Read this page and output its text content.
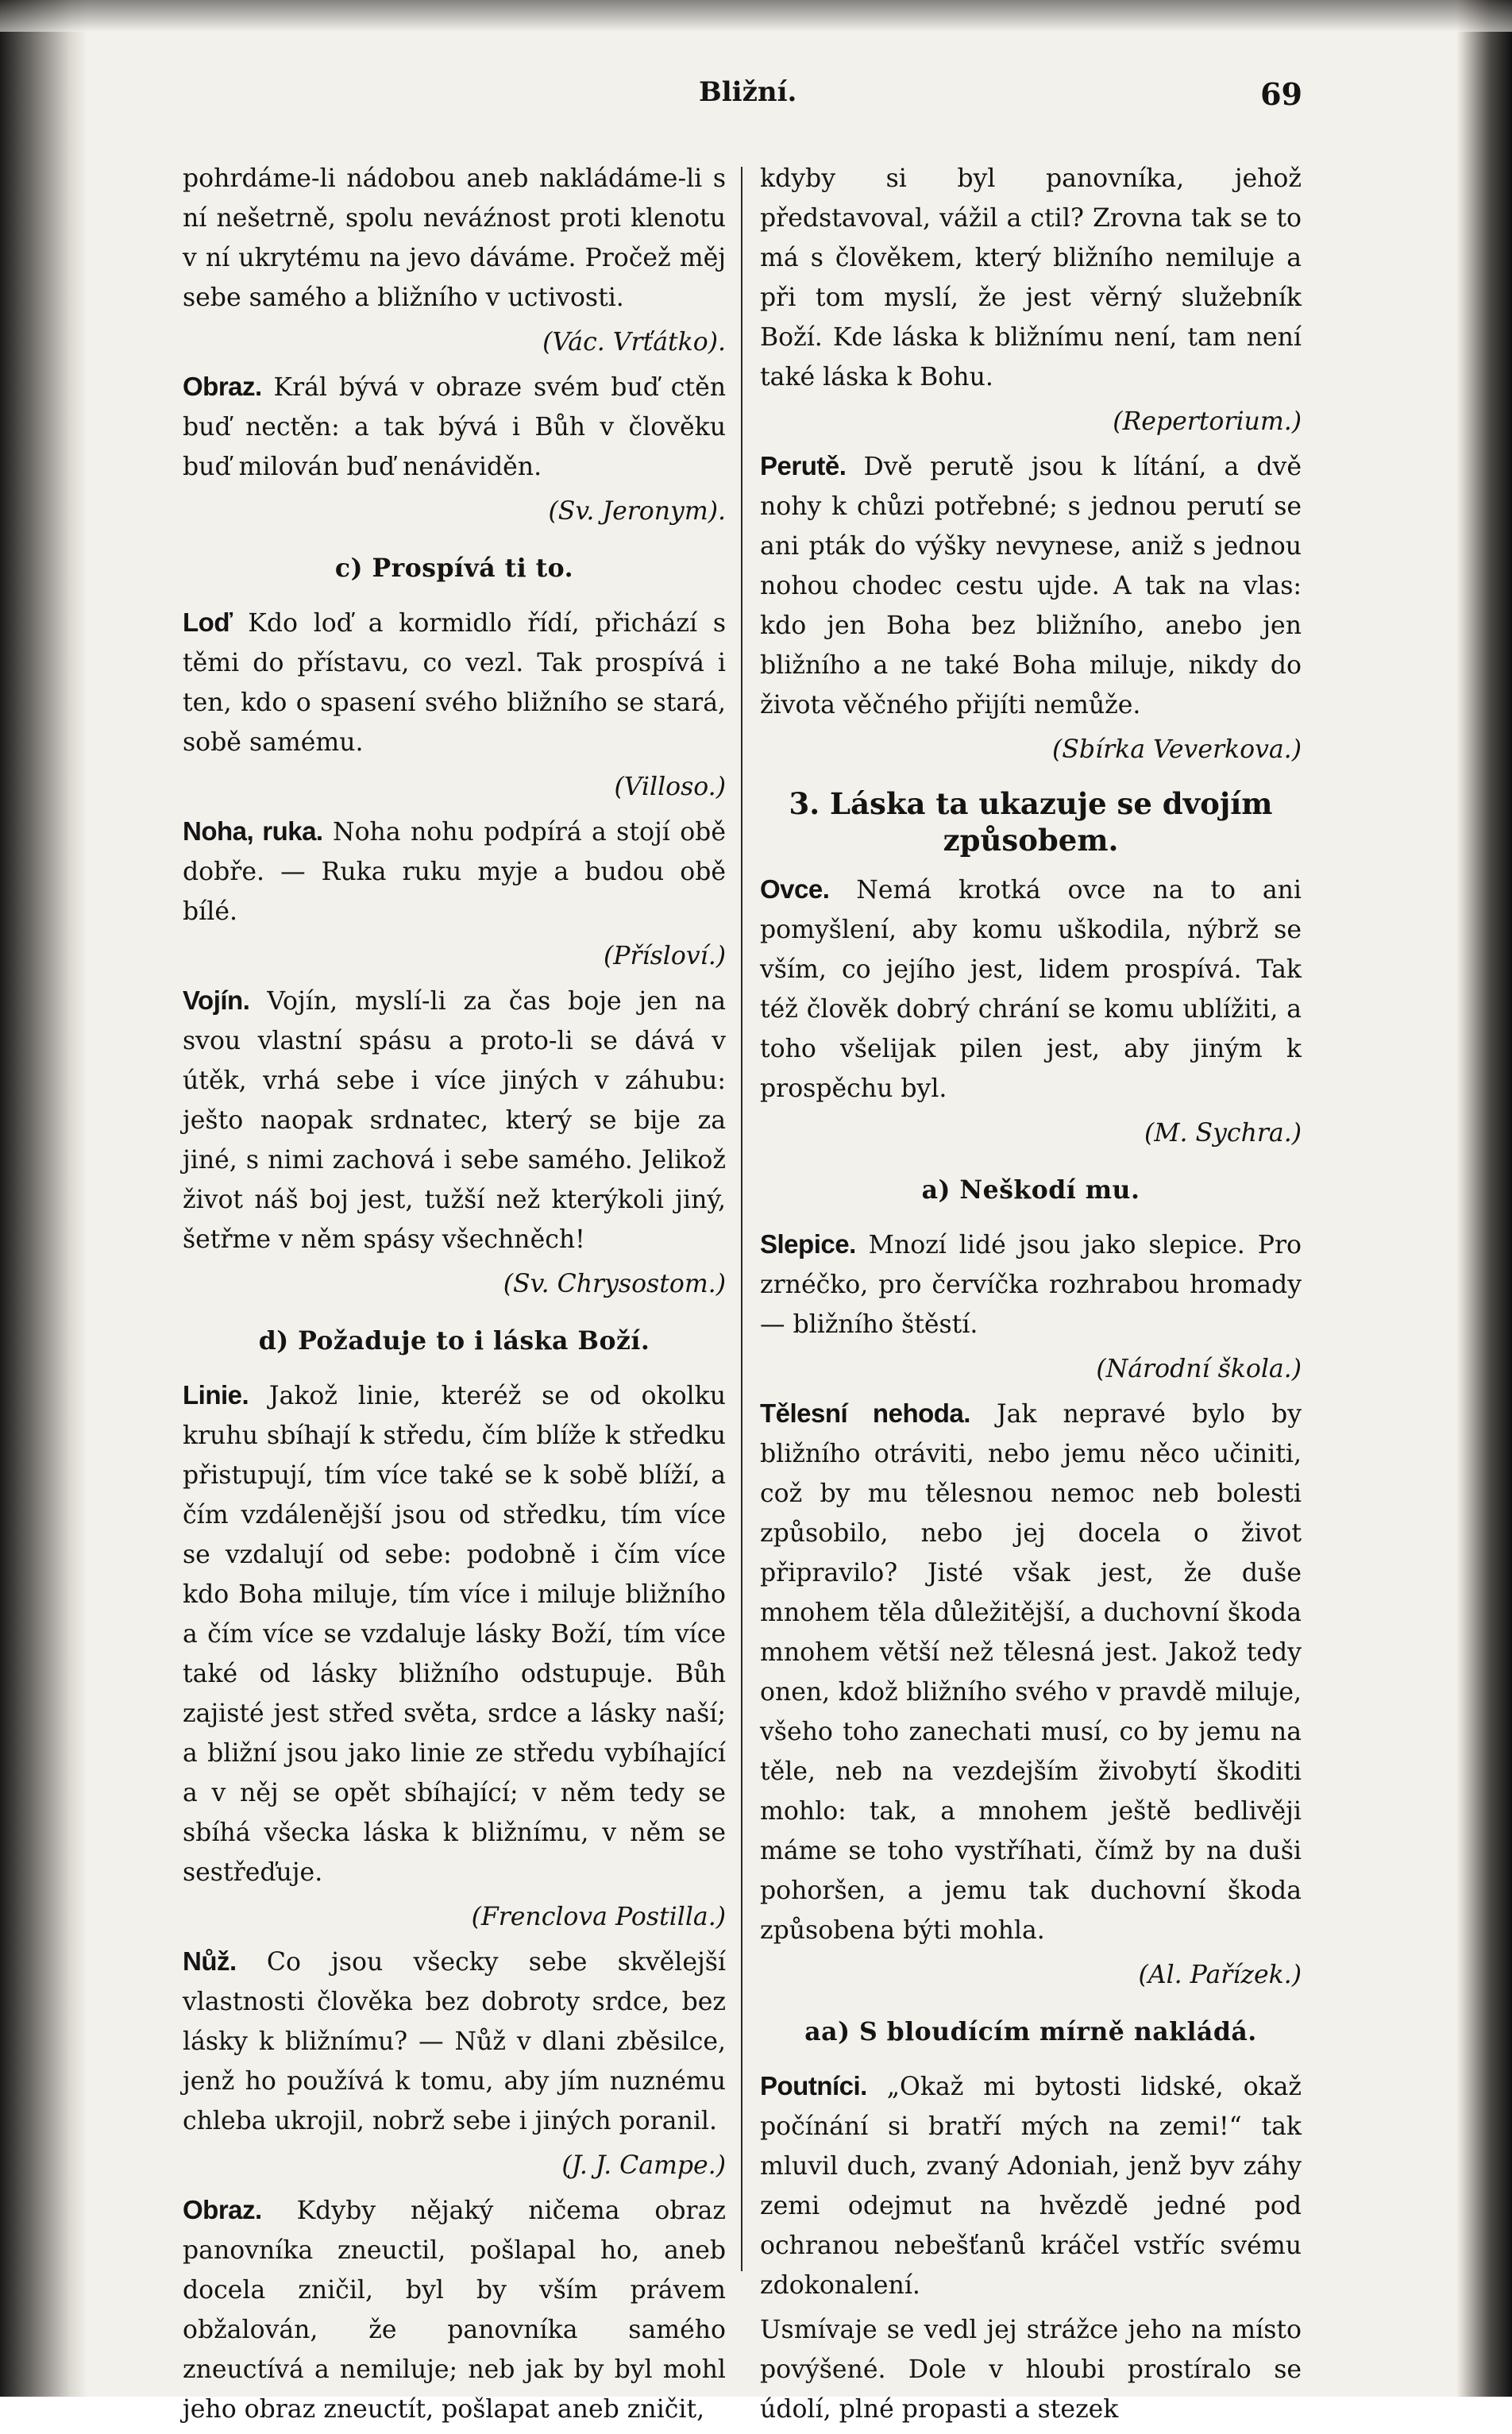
Bližní.	69

pohrdáme-li nádobou aneb nakládáme-li s ní nešetrně, spolu neváźnost proti klenotu v ní ukrytému na jevo dáváme. Pročež měj sebe samého a bližního v uctivosti.

(Vác. Vrťátko).

Obraz. Král bývá v obraze svém buď ctěn buď nectěn: a tak bývá i Bůh v člověku buď milován buď nenáviděn.

(Sv. Jeronym).
c) Prospívá ti to.

Loď Kdo loď a kormidlo řídí, přichází s těmi do přístavu, co vezl. Tak prospívá i ten, kdo o spasení svého bližního se stará, sobě samému.

(Villoso.)

Noha, ruka. Noha nohu podpírá a stojí obě dobře. — Ruka ruku myje a budou obě bílé.

(Přísloví.)

Vojín. Vojín, myslí-li za čas boje jen na svou vlastní spásu a proto-li se dává v útěk, vrhá sebe i více jiných v záhubu: ješto naopak srdnatec, který se bije za jiné, s nimi zachová i sebe samého. Jelikož život náš boj jest, tužší než kterýkoli jiný, šetřme v něm spásy všechněch!

(Sv. Chrysostom.)
d) Požaduje to i láska Boží.

Linie. Jakož linie, kteréž se od okolku kruhu sbíhají k středu, čím blíže k středku přistupují, tím více také se k sobě blíží, a čím vzdálenější jsou od středku, tím více se vzdalují od sebe: podobně i čím více kdo Boha miluje, tím více i miluje bližního a čím více se vzdaluje lásky Boží, tím více také od lásky bližního odstupuje. Bůh zajisté jest střed světa, srdce a lásky naší; a bližní jsou jako linie ze středu vybíhající a v něj se opět sbíhající; v něm tedy se sbíhá všecka láska k bližnímu, v něm se sestřeďuje.

(Frenclova Postilla.)

Nůž. Co jsou všecky sebe skvělejší vlastnosti člověka bez dobroty srdce, bez lásky k bližnímu? — Nůž v dlani zběsilce, jenž ho používá k tomu, aby jím nuznému chleba ukrojil, nobrž sebe i jiných poranil.

(J. J. Campe.)

Obraz. Kdyby nějaký ničema obraz panovníka zneuctil, pošlapal ho, aneb docela zničil, byl by vším právem obžalován, že panovníka samého zneuctívá a nemiluje; neb jak by byl mohl jeho obraz zneuctít, pošlapat aneb zničit,

kdyby si byl panovníka, jehož představoval, vážil a ctil? Zrovna tak se to má s člověkem, který bližního nemiluje a při tom myslí, že jest věrný služebník Boží. Kde láska k bližnímu není, tam není také láska k Bohu.

(Repertorium.)

Perutě. Dvě perutě jsou k lítání, a dvě nohy k chůzi potřebné; s jednou perutí se ani pták do výšky nevynese, aniž s jednou nohou chodec cestu ujde. A tak na vlas: kdo jen Boha bez bližního, anebo jen bližního a ne také Boha miluje, nikdy do života věčného přijíti nemůže.

(Sbírka Veverkova.)
3. Láska ta ukazuje se dvojím způsobem.

Ovce. Nemá krotká ovce na to ani pomyšlení, aby komu uškodila, nýbrž se vším, co jejího jest, lidem prospívá. Tak též člověk dobrý chrání se komu ublížiti, a toho všelijak pilen jest, aby jiným k prospěchu byl.

(M. Sychra.)
a) Neškodí mu.

Slepice. Mnozí lidé jsou jako slepice. Pro zrnéčko, pro červíčka rozhrabou hromady — bližního štěstí.

(Národní škola.)

Tělesní nehoda. Jak nepravé bylo by bližního otráviti, nebo jemu něco učiniti, což by mu tělesnou nemoc neb bolesti způsobilo, nebo jej docela o život připravilo? Jisté však jest, že duše mnohem těla důležitější, a duchovní škoda mnohem větší než tělesná jest. Jakož tedy onen, kdož bližního svého v pravdě miluje, všeho toho zanechati musí, co by jemu na těle, neb na vezdejším živobytí škoditi mohlo: tak, a mnohem ještě bedlivěji máme se toho vystříhati, čímž by na duši pohoršen, a jemu tak duchovní škoda způsobena býti mohla.

(Al. Pařízek.)
aa) S bloudícím mírně nakládá.

Poutníci. „Okaž mi bytosti lidské, okaž počínání si bratří mých na zemi!“ tak mluvil duch, zvaný Adoniah, jenž byv záhy zemi odejmut na hvězdě jedné pod ochranou nebešťanů kráčel vstříc svému zdokonalení.

Usmívaje se vedl jej strážce jeho na místo povýšené. Dole v hloubi prostíralo se údolí, plné propasti a stezek
